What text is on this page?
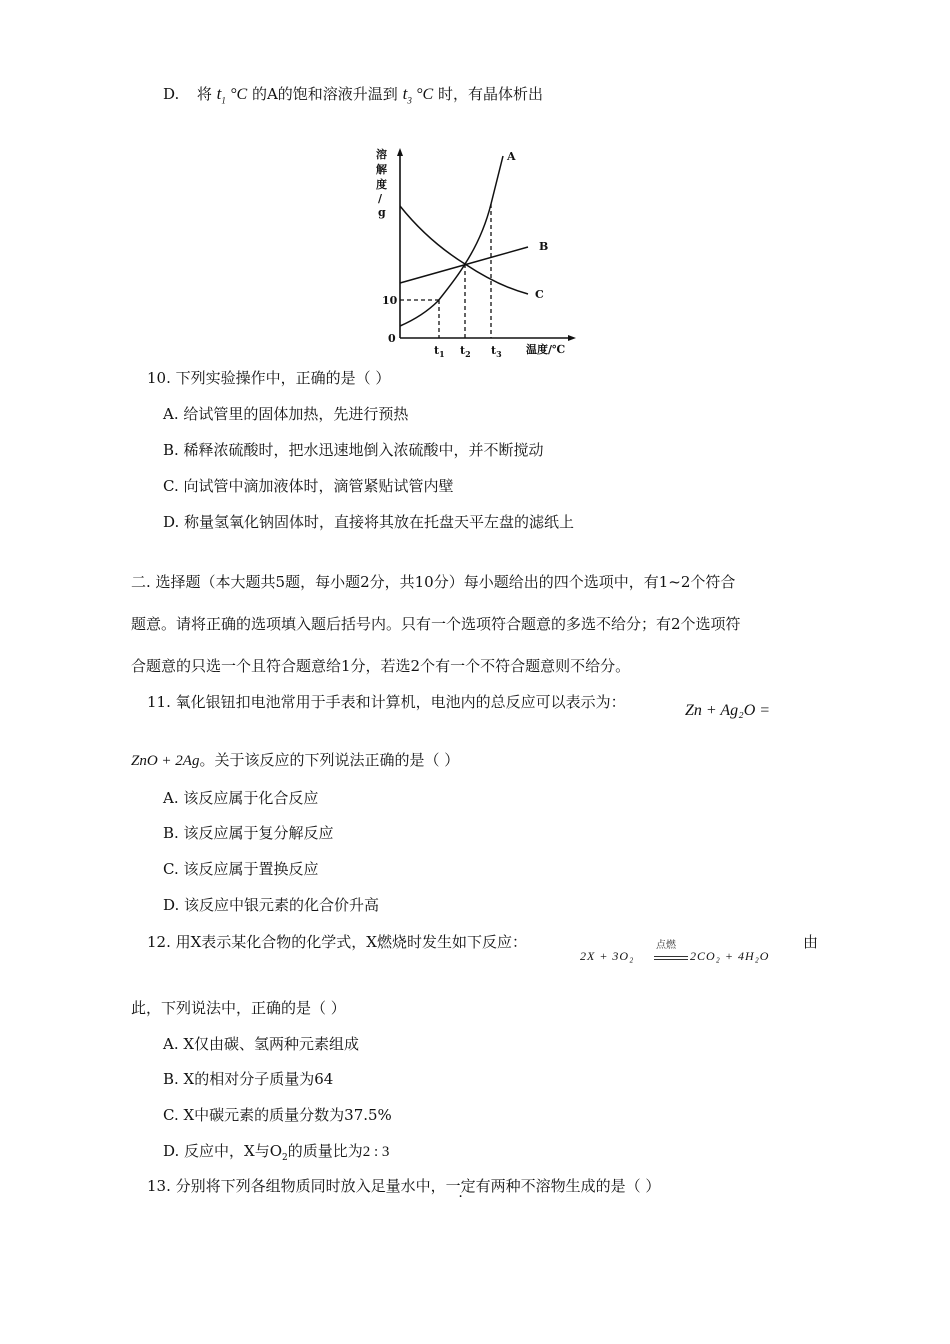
D. 将 $t_1$ °C 的A的饱和溶液升温到 $t_3$ °C 时，有晶体析出
溶
解
度
/
g
A
B
C
10
0
$t_1$ $t_2$ $t_3$ 温度/℃
10. 下列实验操作中，正确的是（ ）
A. 给试管里的固体加热，先进行预热
B. 稀释浓硫酸时，把水迅速地倒入浓硫酸中，并不断搅动
C. 向试管中滴加液体时，滴管紧贴试管内壁
D. 称量氢氧化钠固体时，直接将其放在托盘天平左盘的滤纸上
二. 选择题（本大题共5题，每小题2分，共10分）每小题给出的四个选项中，有1~2个符合
题意。请将正确的选项填入题后括号内。只有一个选项符合题意的多选不给分；有2个选项符
合题意的只选一个且符合题意给1分，若选2个有一个不符合题意则不给分。
11. 氧化银钮扣电池常用于手表和计算机，电池内的总反应可以表示为：	Zn + Ag₂O =
ZnO + 2Ag。关于该反应的下列说法正确的是（ ）
A. 该反应属于化合反应
B. 该反应属于复分解反应
C. 该反应属于置换反应
D. 该反应中银元素的化合价升高
12. 用X表示某化合物的化学式，X燃烧时发生如下反应：	点燃
2X + 3O₂	2CO₂ + 4H₂O
由
此，下列说法中，正确的是（ ）
A. X仅由碳、氢两种元素组成
B. X的相对分子质量为64
C. X中碳元素的质量分数为37.5%
D. 反应中，X与$O_2$的质量比为2 : 3
13. 分别将下列各组物质同时放入足量水中，一定有两种不溶物生成的是（ ）
